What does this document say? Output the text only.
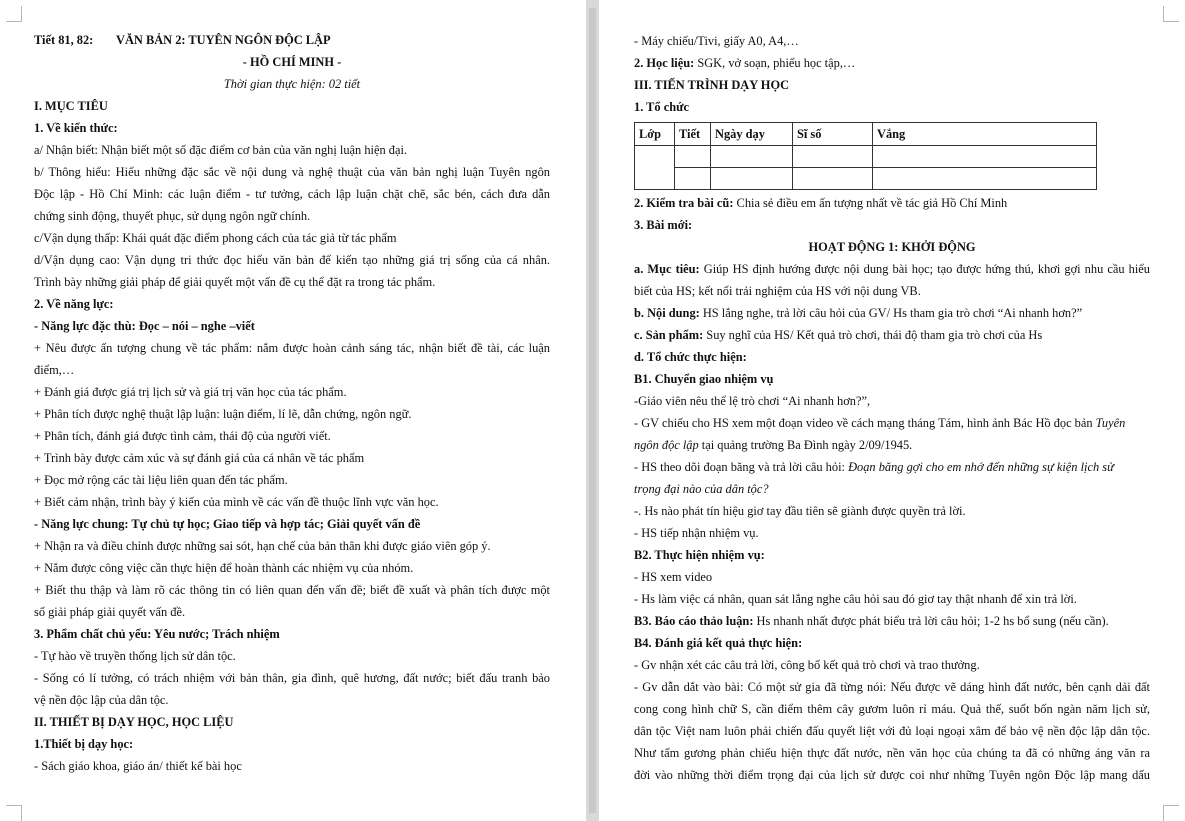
Tiết 81, 82:	VĂN BẢN 2: TUYÊN NGÔN ĐỘC LẬP
- HỒ CHÍ MINH -
Thời gian thực hiện: 02 tiết
I. MỤC TIÊU
1. Về kiến thức:
a/ Nhận biết: Nhận biết một số đặc điểm cơ bản của văn nghị luận hiện đại.
b/ Thông hiểu: Hiểu những đặc sắc về nội dung và nghệ thuật của văn bản nghị luận Tuyên ngôn
Độc lập - Hồ Chí Minh: các luận điểm - tư tưởng, cách lập luận chặt chẽ, sắc bén, cách đưa dẫn
chứng sinh động, thuyết phục, sử dụng ngôn ngữ chính.
c/Vận dụng thấp: Khái quát đặc điểm phong cách của tác giả từ tác phẩm
d/Vận dụng cao: Vận dụng tri thức đọc hiểu văn bản để kiến tạo những giá trị sống của cá nhân.
Trình bày những giải pháp để giải quyết một vấn đề cụ thể đặt ra trong tác phẩm.
2. Về năng lực:
- Năng lực đặc thù: Đọc – nói – nghe –viết
+ Nêu được ấn tượng chung về tác phẩm: nắm được hoàn cảnh sáng tác, nhận biết đề tài, các luận
điểm,…
+ Đánh giá được giá trị lịch sử và giá trị văn học của tác phẩm.
+ Phân tích được nghệ thuật lập luận: luận điểm, lí lẽ, dẫn chứng, ngôn ngữ.
+ Phân tích, đánh giá được tình cảm, thái độ của người viết.
+ Trình bày được cảm xúc và sự đánh giá của cá nhân về tác phẩm
+ Đọc mở rộng các tài liệu liên quan đến tác phẩm.
+ Biết cảm nhận, trình bày ý kiến của mình về các vấn đề thuộc lĩnh vực văn học.
- Năng lực chung: Tự chủ tự học; Giao tiếp và hợp tác; Giải quyết vấn đề
+ Nhận ra và điều chỉnh được những sai sót, hạn chế của bản thân khi được giáo viên góp ý.
+ Nắm được công việc cần thực hiện để hoàn thành các nhiệm vụ của nhóm.
+ Biết thu thập và làm rõ các thông tin có liên quan đến vấn đề; biết đề xuất và phân tích được một
số giải pháp giải quyết vấn đề.
3. Phẩm chất chủ yếu: Yêu nước; Trách nhiệm
- Tự hào về truyền thống lịch sử dân tộc.
- Sống có lí tưởng, có trách nhiệm với bản thân, gia đình, quê hương, đất nước; biết đấu tranh bảo
vệ nền độc lập của dân tộc.
II. THIẾT BỊ DẠY HỌC, HỌC LIỆU
1.Thiết bị dạy học:
- Sách giáo khoa, giáo án/ thiết kế bài học
- Máy chiếu/Tivi, giấy A0, A4,…
2. Học liệu: SGK, vở soạn, phiếu học tập,…
III. TIẾN TRÌNH DẠY HỌC
1. Tổ chức
Lớp	Tiết	Ngày dạy	Sĩ số	Vắng

2. Kiểm tra bài cũ: Chia sẻ điều em ấn tượng nhất về tác giả Hồ Chí Minh
3. Bài mới:
HOẠT ĐỘNG 1: KHỞI ĐỘNG
a. Mục tiêu: Giúp HS định hướng được nội dung bài học; tạo được hứng thú, khơi gợi nhu cầu hiểu
biết của HS; kết nối trải nghiệm của HS với nội dung VB.
b. Nội dung: HS lắng nghe, trả lời câu hỏi của GV/ Hs tham gia trò chơi “Ai nhanh hơn?”
c. Sản phẩm: Suy nghĩ của HS/ Kết quả trò chơi, thái độ tham gia trò chơi của Hs
d. Tổ chức thực hiện:
B1. Chuyển giao nhiệm vụ
-Giáo viên nêu thể lệ trò chơi “Ai nhanh hơn?”,
- GV chiếu cho HS xem một đoạn video về cách mạng tháng Tám, hình ảnh Bác Hồ đọc bản Tuyên
ngôn độc lập tại quảng trường Ba Đình ngày 2/09/1945.
- HS theo dõi đoạn băng và trả lời câu hỏi: Đoạn băng gợi cho em nhớ đến những sự kiện lịch sử
trọng đại nào của dân tộc?
-. Hs nào phát tín hiệu giơ tay đầu tiên sẽ giành được quyền trả lời.
- HS tiếp nhận nhiệm vụ.
B2. Thực hiện nhiệm vụ:
- HS xem video
- Hs làm việc cá nhân, quan sát lắng nghe câu hỏi sau đó giơ tay thật nhanh để xin trả lời.
B3. Báo cáo thảo luận: Hs nhanh nhất được phát biểu trả lời câu hỏi; 1-2 hs bổ sung (nếu cần).
B4. Đánh giá kết quả thực hiện:
- Gv nhận xét các câu trả lời, công bố kết quả trò chơi và trao thưởng.
- Gv dẫn dắt vào bài: Có một sử gia đã từng nói: Nếu được vẽ dáng hình đất nước, bên cạnh dải đất
cong cong hình chữ S, cần điểm thêm cây gươm luôn rỉ máu. Quả thế, suốt bốn ngàn năm lịch sử,
dân tộc Việt nam luôn phải chiến đấu quyết liệt với đủ loại ngoại xâm để bảo vệ nền độc lập dân tộc.
Như tấm gương phản chiếu hiện thực đất nước, nền văn học của chúng ta đã có những áng văn ra
đời vào những thời điểm trọng đại của lịch sử được coi như những Tuyên ngôn Độc lập mang dấu
